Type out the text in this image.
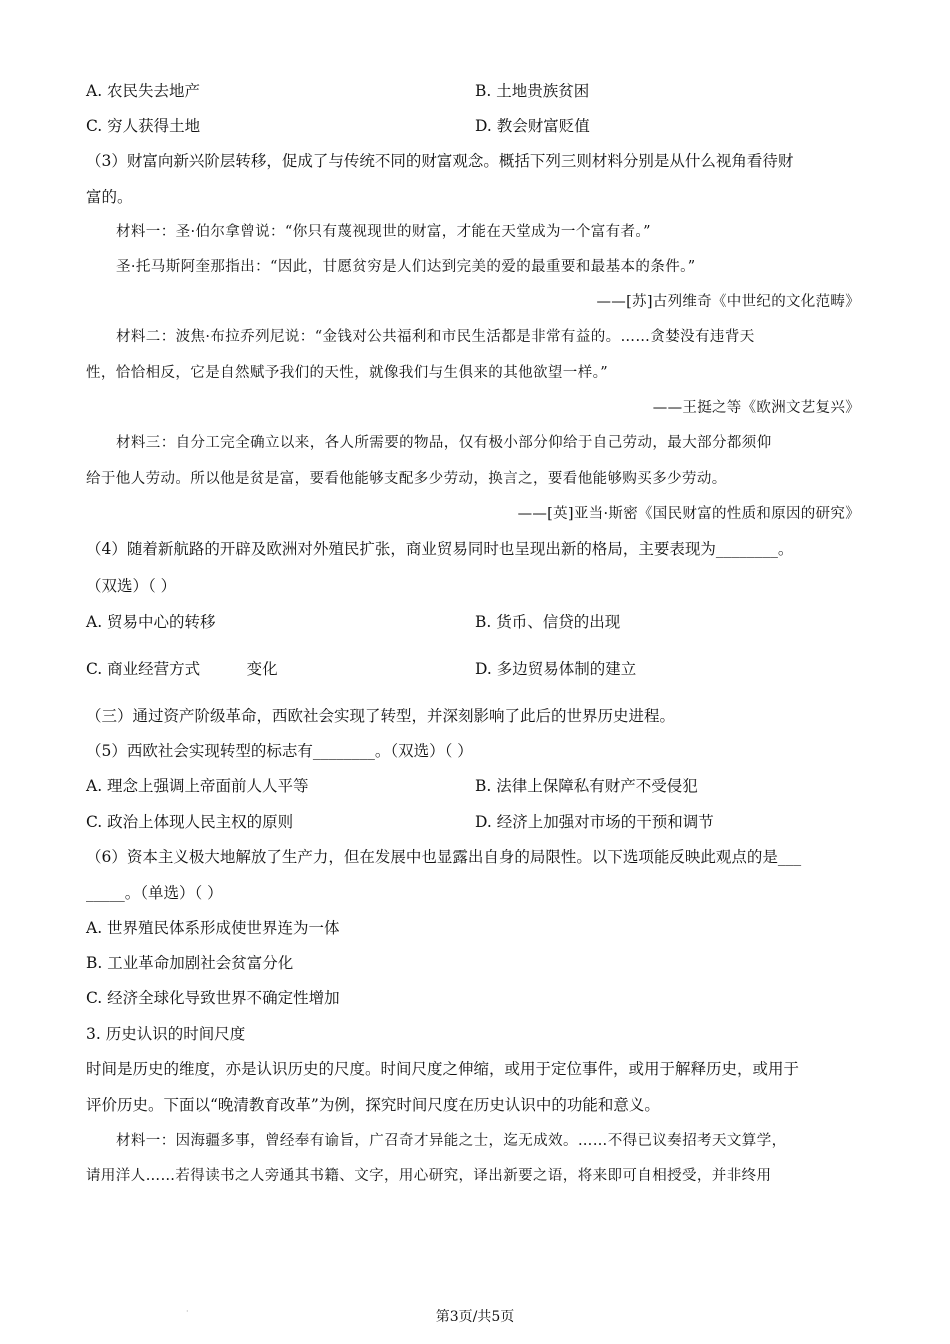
A. 农民失去地产	B. 土地贵族贫困
C. 穷人获得土地	D. 教会财富贬值
（3）财富向新兴阶层转移，促成了与传统不同的财富观念。概括下列三则材料分别是从什么视角看待财
富的。
材料一：圣·伯尔拿曾说：“你只有蔑视现世的财富，才能在天堂成为一个富有者。”
圣·托马斯阿奎那指出：“因此，甘愿贫穷是人们达到完美的爱的最重要和最基本的条件。”
——[苏]古列维奇《中世纪的文化范畴》
材料二：波焦·布拉乔列尼说：“金钱对公共福利和市民生活都是非常有益的。……贪婪没有违背天
性，恰恰相反，它是自然赋予我们的天性，就像我们与生俱来的其他欲望一样。”
——王挺之等《欧洲文艺复兴》
材料三：自分工完全确立以来，各人所需要的物品，仅有极小部分仰给于自己劳动，最大部分都须仰
给于他人劳动。所以他是贫是富，要看他能够支配多少劳动，换言之，要看他能够购买多少劳动。
——[英]亚当·斯密《国民财富的性质和原因的研究》
（4）随着新航路的开辟及欧洲对外殖民扩张，商业贸易同时也呈现出新的格局，主要表现为________。
（双选）（ ）
A. 贸易中心的转移	B. 货币、信贷的出现
C. 商业经营方式　　　变化	D. 多边贸易体制的建立
（三）通过资产阶级革命，西欧社会实现了转型，并深刻影响了此后的世界历史进程。
（5）西欧社会实现转型的标志有________。（双选）（ ）
A. 理念上强调上帝面前人人平等	B. 法律上保障私有财产不受侵犯
C. 政治上体现人民主权的原则	D. 经济上加强对市场的干预和调节
（6）资本主义极大地解放了生产力，但在发展中也显露出自身的局限性。以下选项能反映此观点的是___
_____。（单选）（ ）
A. 世界殖民体系形成使世界连为一体
B. 工业革命加剧社会贫富分化
C. 经济全球化导致世界不确定性增加
3. 历史认识的时间尺度
时间是历史的维度，亦是认识历史的尺度。时间尺度之伸缩，或用于定位事件，或用于解释历史，或用于
评价历史。下面以“晚清教育改革”为例，探究时间尺度在历史认识中的功能和意义。
材料一：因海疆多事，曾经奉有谕旨，广召奇才异能之士，迄无成效。……不得已议奏招考天文算学，
请用洋人……若得读书之人旁通其书籍、文字，用心研究，译出新要之语，将来即可自相授受，并非终用
·	第3页/共5页
